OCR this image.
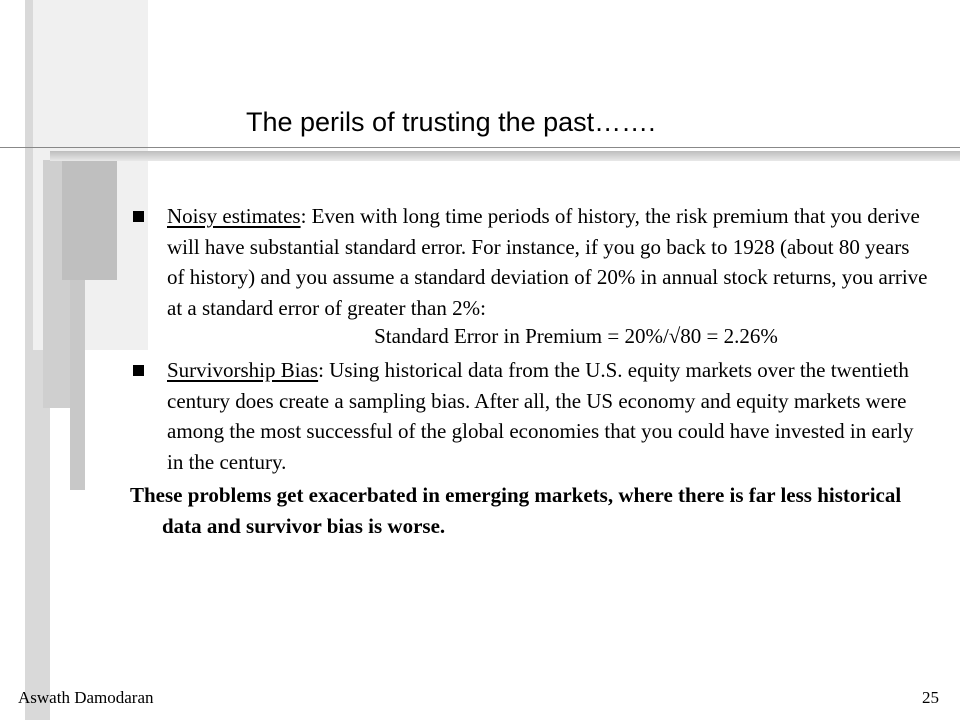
The perils of trusting the past…….

Noisy estimates: Even with long time periods of history, the risk premium that you derive will have substantial standard error. For instance, if you go back to 1928 (about 80 years of history) and you assume a standard deviation of 20% in annual stock returns, you arrive at a standard error of greater than 2%:

Standard Error in Premium = 20%/√80 = 2.26%

Survivorship Bias: Using historical data from the U.S. equity markets over the twentieth century does create a sampling bias. After all, the US economy and equity markets were among the most successful of the global economies that you could have invested in early in the century.

These problems get exacerbated in emerging markets, where there is far less historical data and survivor bias is worse.

Aswath Damodaran	25
